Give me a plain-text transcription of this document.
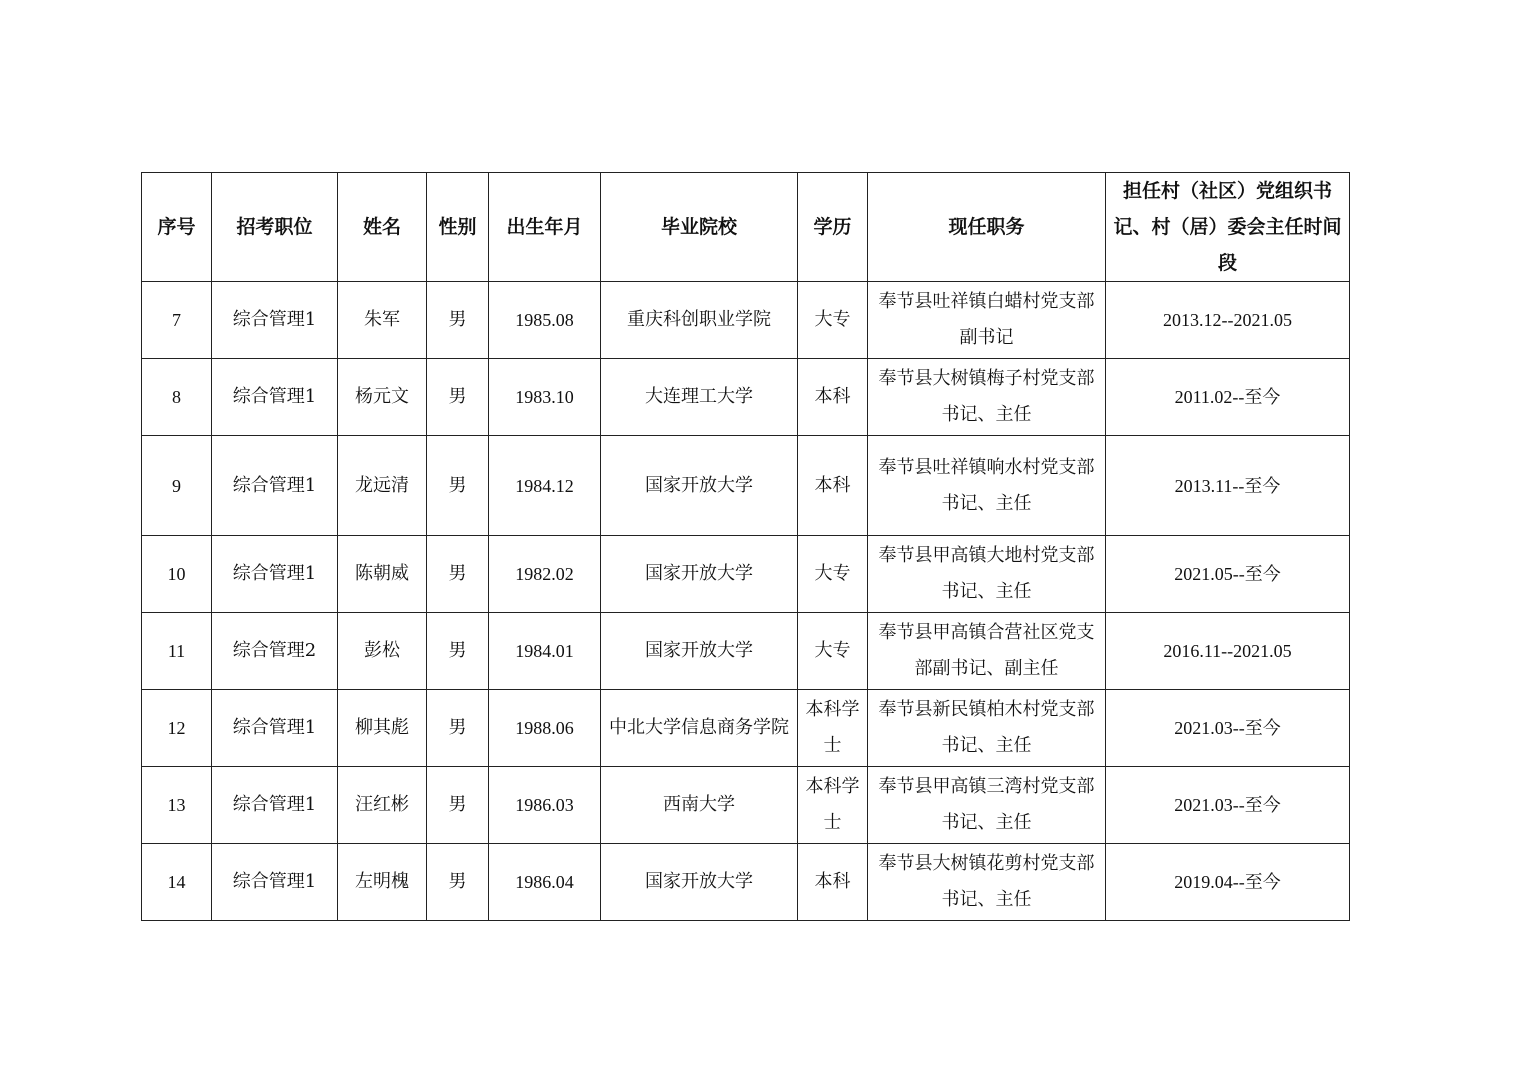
序号	招考职位	姓名	性别	出生年月	毕业院校	学历	现任职务	担任村（社区）党组织书记、村（居）委会主任时间段
7	综合管理1	朱军	男	1985.08	重庆科创职业学院	大专	奉节县吐祥镇白蜡村党支部副书记	2013.12--2021.05
8	综合管理1	杨元文	男	1983.10	大连理工大学	本科	奉节县大树镇梅子村党支部书记、主任	2011.02--至今
9	综合管理1	龙远清	男	1984.12	国家开放大学	本科	奉节县吐祥镇响水村党支部书记、主任	2013.11--至今
10	综合管理1	陈朝威	男	1982.02	国家开放大学	大专	奉节县甲高镇大地村党支部书记、主任	2021.05--至今
11	综合管理2	彭松	男	1984.01	国家开放大学	大专	奉节县甲高镇合营社区党支部副书记、副主任	2016.11--2021.05
12	综合管理1	柳其彪	男	1988.06	中北大学信息商务学院	本科学士	奉节县新民镇柏木村党支部书记、主任	2021.03--至今
13	综合管理1	汪红彬	男	1986.03	西南大学	本科学士	奉节县甲高镇三湾村党支部书记、主任	2021.03--至今
14	综合管理1	左明槐	男	1986.04	国家开放大学	本科	奉节县大树镇花剪村党支部书记、主任	2019.04--至今
